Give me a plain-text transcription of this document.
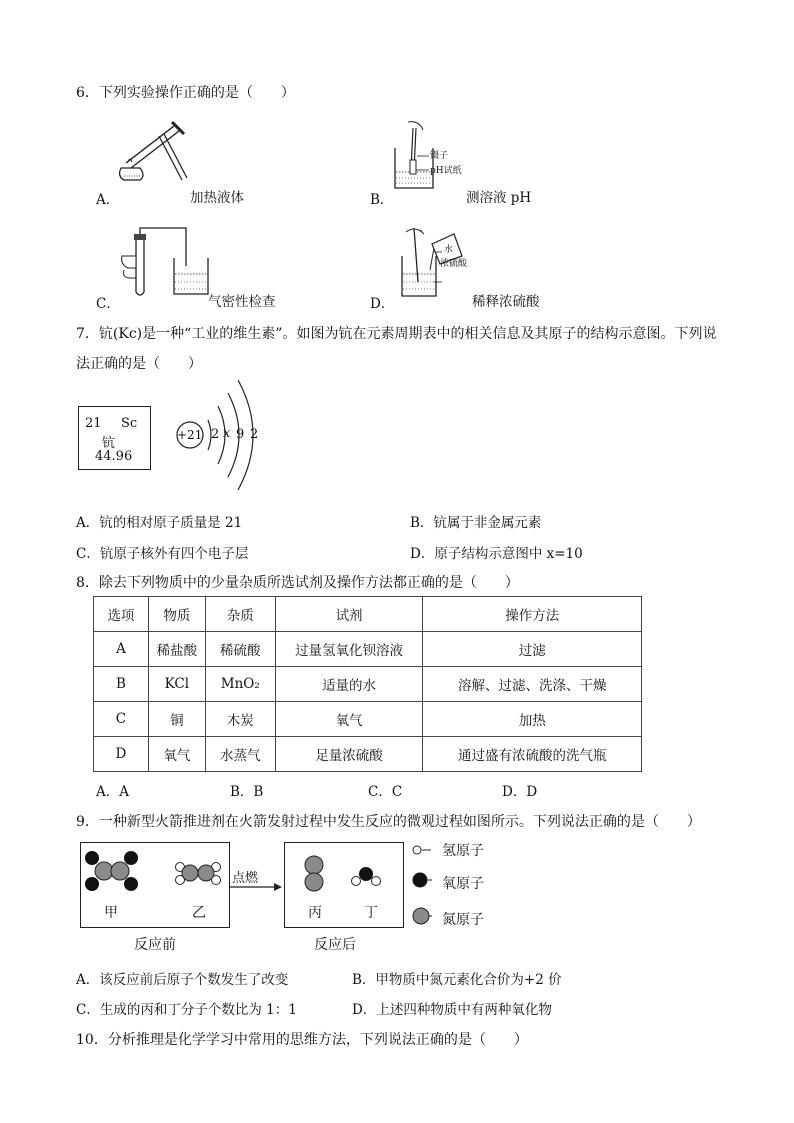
6．下列实验操作正确的是（　　）
A．	加热液体
镊子
pH试纸
B．	测溶液 pH
C．	气密性检查
水
浓硫酸
D．	稀释浓硫酸
7．钪(Kc)是一种“工业的维生素”。如图为钪在元素周期表中的相关信息及其原子的结构示意图。下列说
法正确的是（　　）
21 Sc
钪
44.96
+21 2 x 9 2
A．钪的相对原子质量是 21	B．钪属于非金属元素
C．钪原子核外有四个电子层	D．原子结构示意图中 x=10
8．除去下列物质中的少量杂质所选试剂及操作方法都正确的是（　　）
选项	物质	杂质	试剂	操作方法
A	稀盐酸	稀硫酸	过量氢氧化钡溶液	过滤
B	KCl	MnO₂	适量的水	溶解、过滤、洗涤、干燥
C	铜	木炭	氧气	加热
D	氧气	水蒸气	足量浓硫酸	通过盛有浓硫酸的洗气瓶
A．A	B．B	C．C	D．D
9．一种新型火箭推进剂在火箭发射过程中发生反应的微观过程如图所示。下列说法正确的是（　　）
甲	乙
点燃
丙	丁
反应前	反应后
氢原子
氧原子
氮原子
A．该反应前后原子个数发生了改变	B．甲物质中氮元素化合价为+2 价
C．生成的丙和丁分子个数比为 1：1	D．上述四种物质中有两种氧化物
10．分析推理是化学学习中常用的思维方法，下列说法正确的是（　　）
